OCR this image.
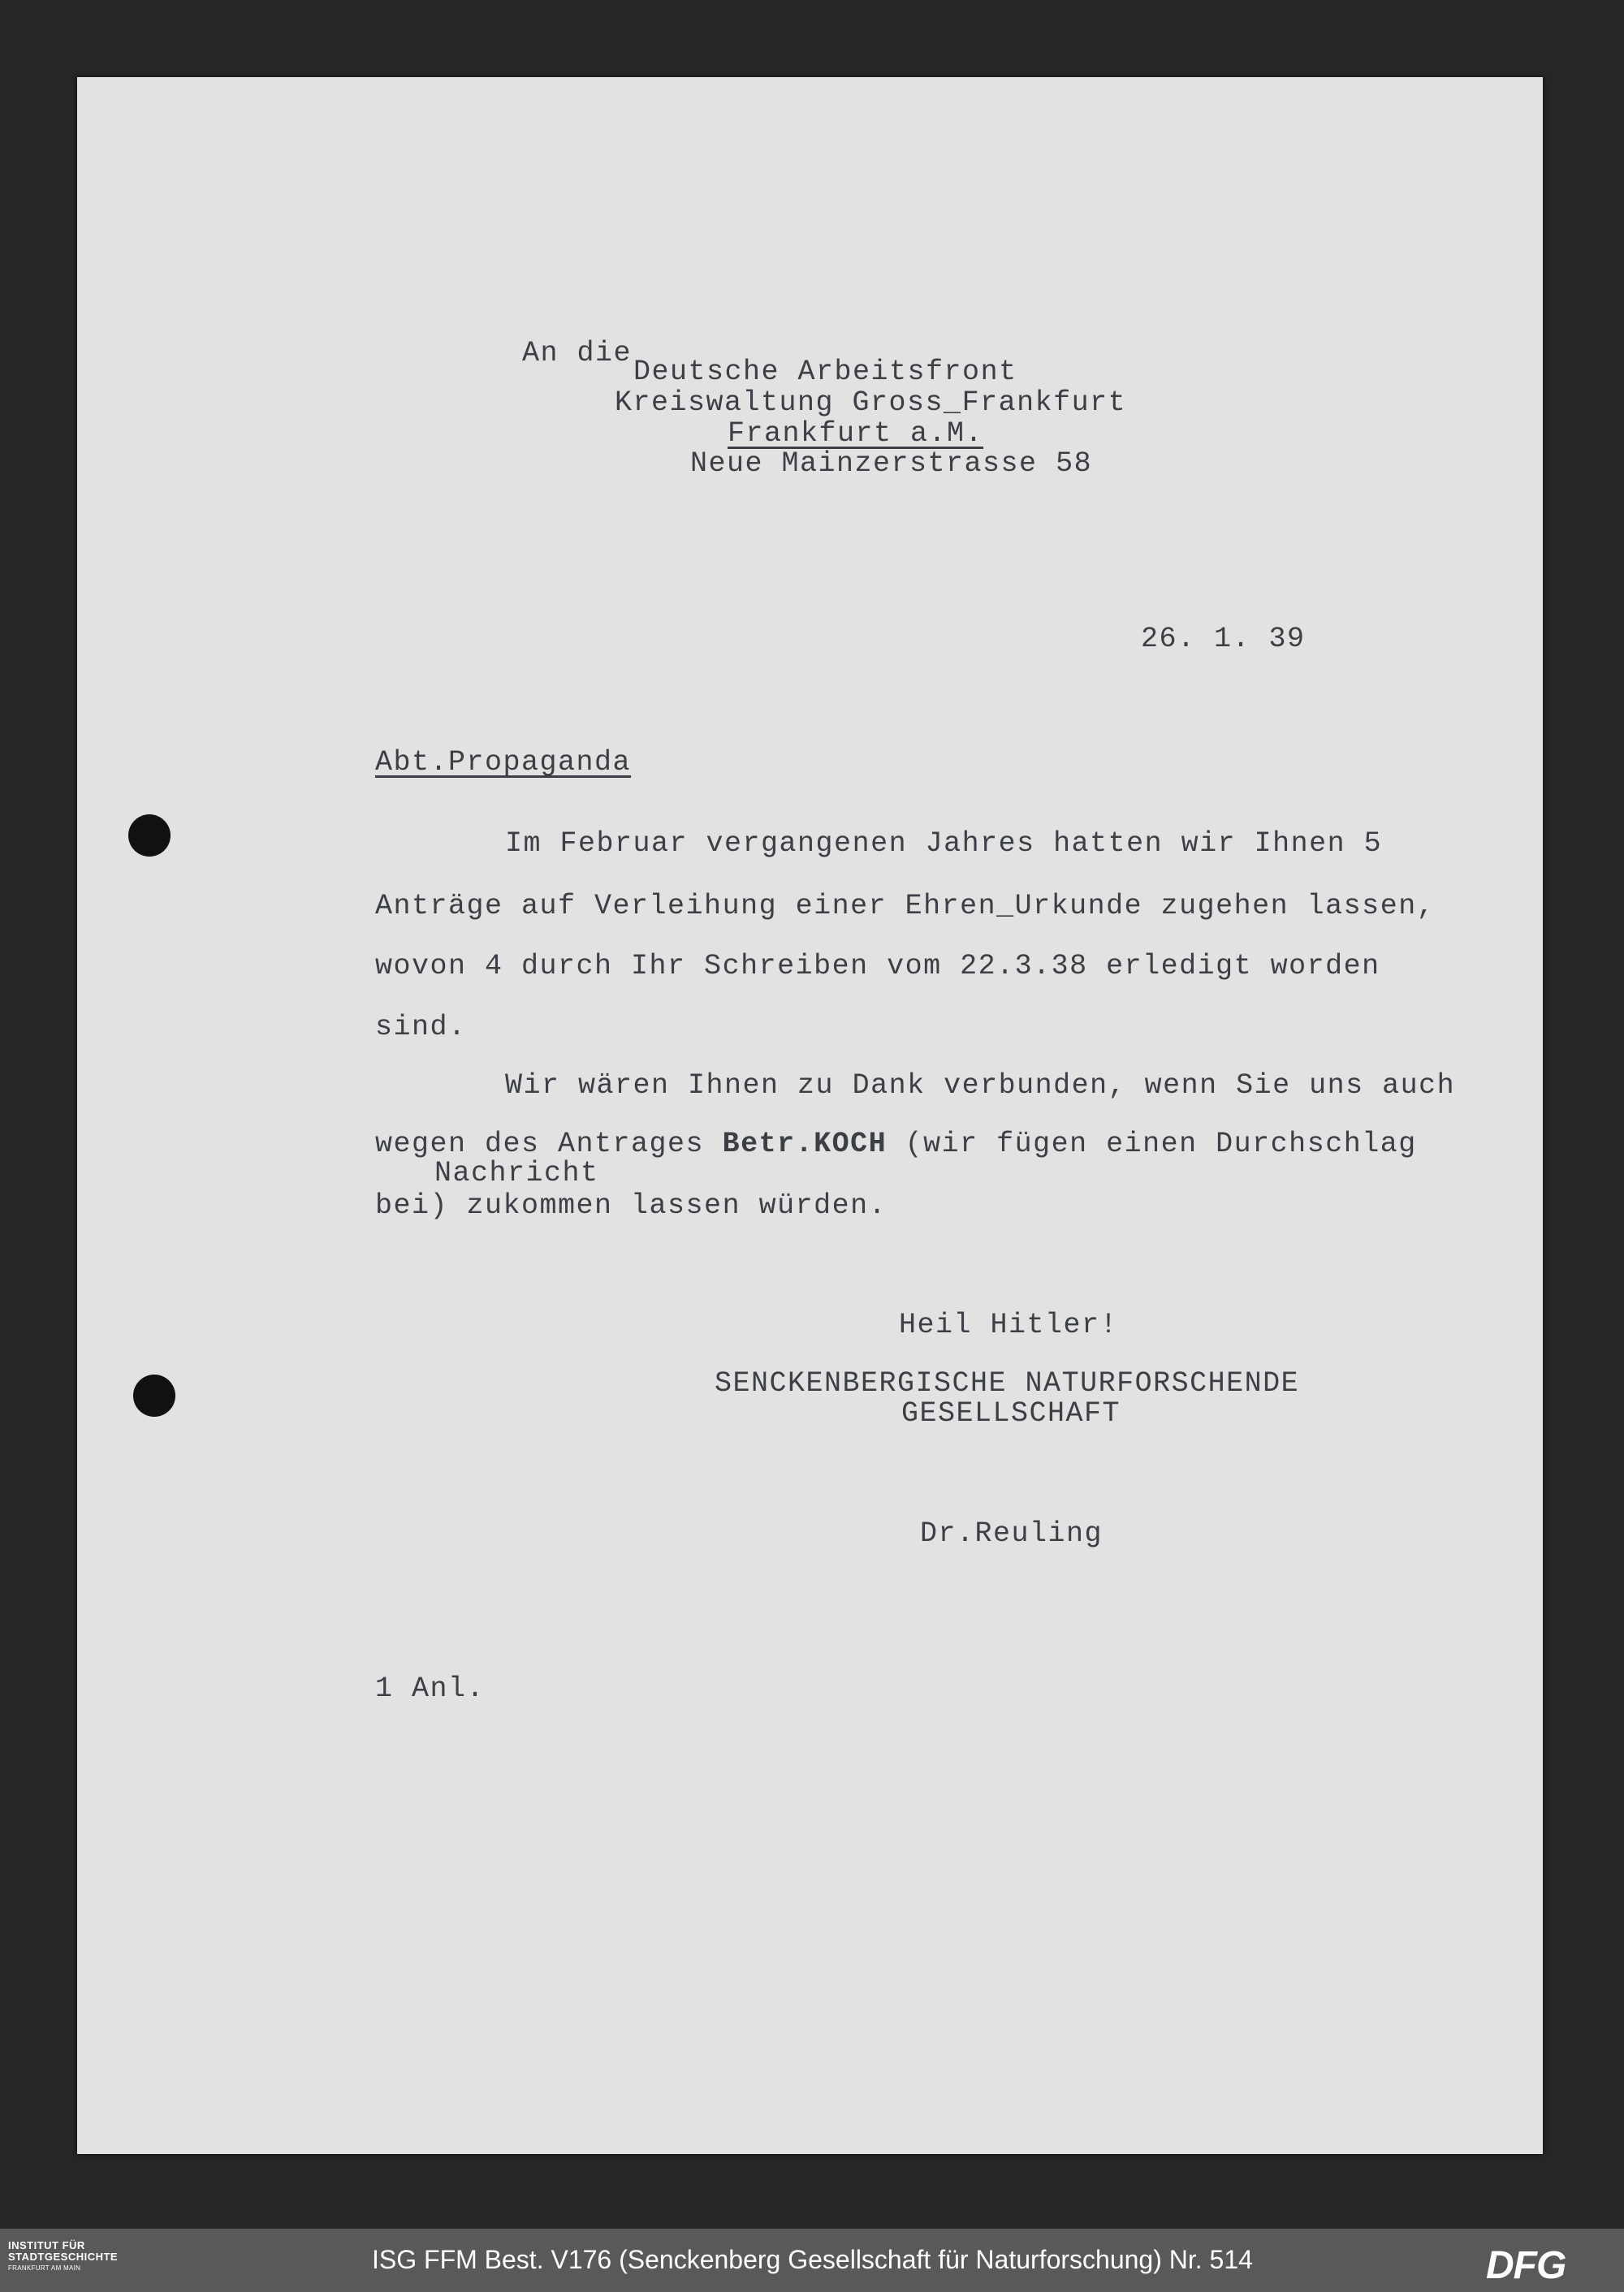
An die
Deutsche Arbeitsfront
Kreiswaltung Gross_Frankfurt
Frankfurt a.M.
Neue Mainzerstrasse 58
26. 1. 39
Abt.Propaganda
Im Februar vergangenen Jahres hatten wir Ihnen 5
Anträge auf Verleihung einer Ehren_Urkunde zugehen lassen,
wovon 4 durch Ihr Schreiben vom 22.3.38 erledigt worden
sind.
Wir wären Ihnen zu Dank verbunden, wenn Sie uns auch
wegen des Antrages Betr.KOCH (wir fügen einen Durchschlag
Nachricht
bei) zukommen lassen würden.
Heil Hitler!
SENCKENBERGISCHE NATURFORSCHENDE
GESELLSCHAFT
Dr.Reuling
1 Anl.
INSTITUT FÜR
STADTGESCHICHTE
FRANKFURT AM MAIN	ISG FFM Best. V176 (Senckenberg Gesellschaft für Naturforschung) Nr. 514	DFG
